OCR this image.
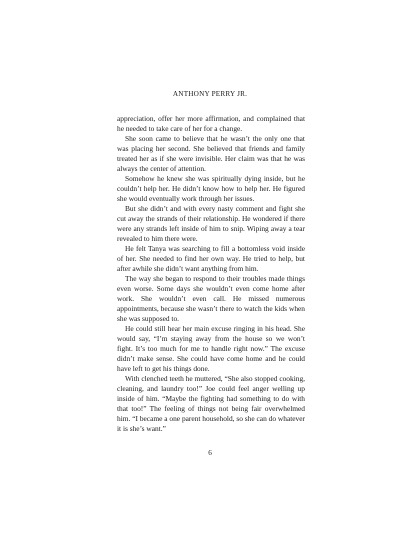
ANTHONY PERRY JR.

appreciation, offer her more affirmation, and complained that he needed to take care of her for a change.

She soon came to believe that he wasn’t the only one that was placing her second. She believed that friends and family treated her as if she were invisible. Her claim was that he was always the center of attention.

Somehow he knew she was spiritually dying inside, but he couldn’t help her. He didn’t know how to help her. He figured she would eventually work through her issues.

But she didn’t and with every nasty comment and fight she cut away the strands of their relationship. He wondered if there were any strands left inside of him to snip. Wiping away a tear revealed to him there were.

He felt Tanya was searching to fill a bottomless void inside of her. She needed to find her own way. He tried to help, but after awhile she didn’t want anything from him.

The way she began to respond to their troubles made things even worse. Some days she wouldn’t even come home after work. She wouldn’t even call. He missed numerous appointments, because she wasn’t there to watch the kids when she was supposed to.

He could still hear her main excuse ringing in his head. She would say, “I’m staying away from the house so we won’t fight. It’s too much for me to handle right now.” The excuse didn’t make sense. She could have come home and he could have left to get his things done.

With clenched teeth he muttered, “She also stopped cooking, cleaning, and laundry too!” Joe could feel anger welling up inside of him. “Maybe the fighting had something to do with that too!” The feeling of things not being fair overwhelmed him. “I became a one parent household, so she can do whatever it is she’s want.”

6
